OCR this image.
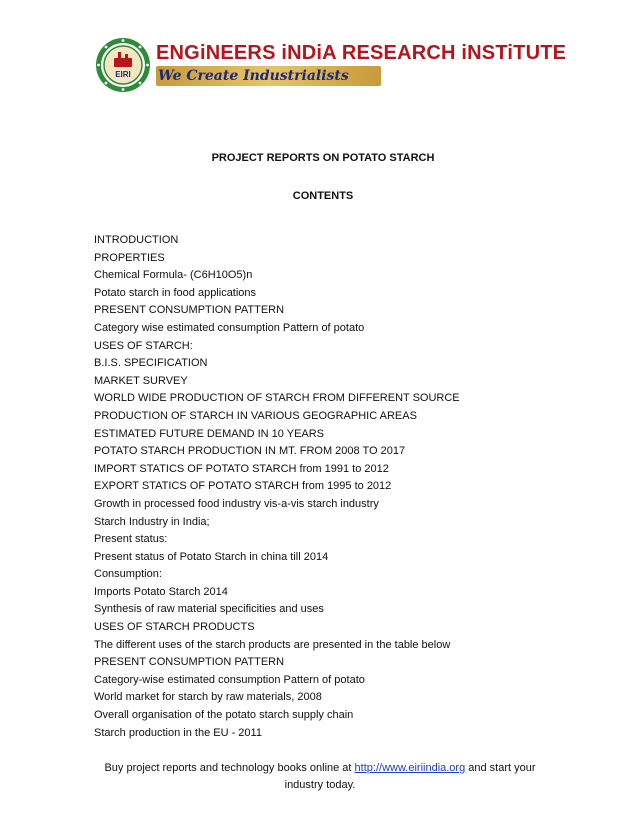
EIRI
ENGiNEERS iNDiA RESEARCH iNSTiTUTE
We Create Industrialists
PROJECT REPORTS ON POTATO STARCH
CONTENTS
INTRODUCTION
PROPERTIES
Chemical Formula- (C6H10O5)n
Potato starch in food applications
PRESENT CONSUMPTION PATTERN
Category wise estimated consumption Pattern of potato
USES OF STARCH:
B.I.S. SPECIFICATION
MARKET SURVEY
WORLD WIDE PRODUCTION OF STARCH FROM DIFFERENT SOURCE
PRODUCTION OF STARCH IN VARIOUS GEOGRAPHIC AREAS
ESTIMATED FUTURE DEMAND IN 10 YEARS
POTATO STARCH PRODUCTION IN MT. FROM 2008 TO 2017
IMPORT STATICS OF POTATO STARCH from 1991 to 2012
EXPORT STATICS OF POTATO STARCH from 1995 to 2012
Growth in processed food industry vis-a-vis starch industry
Starch Industry in India;
Present status:
Present status of Potato Starch in china till 2014
Consumption:
Imports Potato Starch 2014
Synthesis of raw material specificities and uses
USES OF STARCH PRODUCTS
The different uses of the starch products are presented in the table below
PRESENT CONSUMPTION PATTERN
Category-wise estimated consumption Pattern of potato
World market for starch by raw materials, 2008
Overall organisation of the potato starch supply chain
Starch production in the EU - 2011
Buy project reports and technology books online at http://www.eiriindia.org and start your industry today.
